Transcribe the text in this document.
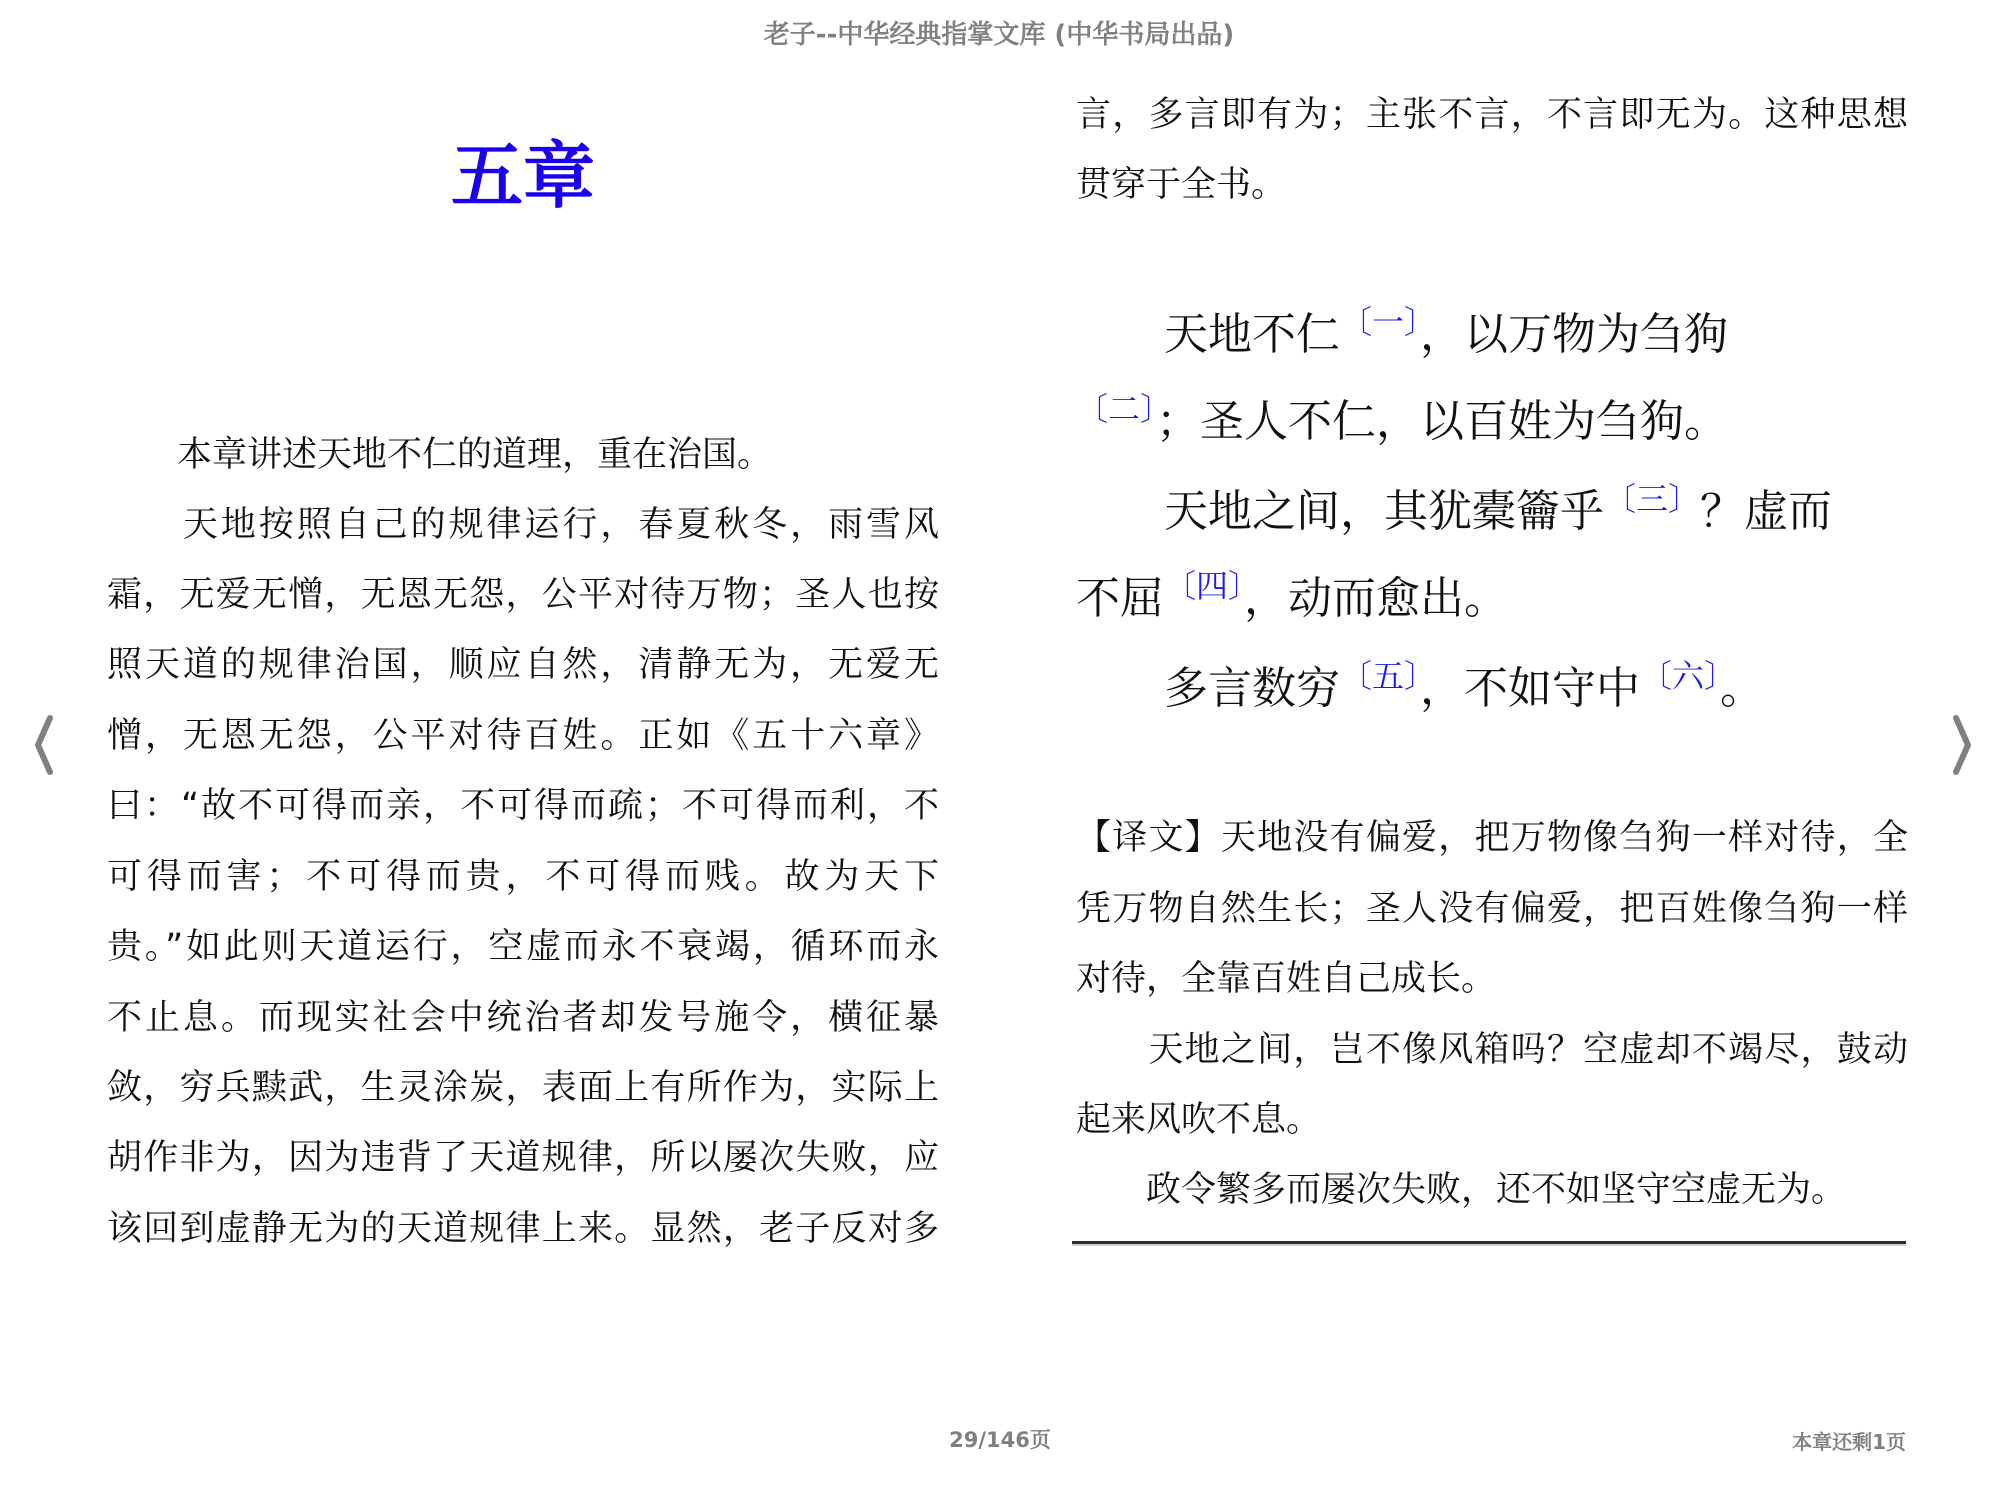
老子--中华经典指掌文库 (中华书局出品)
五章
　　本章讲述天地不仁的道理，重在治国。
　　天地按照自己的规律运行，春夏秋冬，雨雪风
霜，无爱无憎，无恩无怨，公平对待万物；圣人也按
照天道的规律治国，顺应自然，清静无为，无爱无
憎，无恩无怨，公平对待百姓。正如《五十六章》
曰：“故不可得而亲，不可得而疏；不可得而利，不
可得而害；不可得而贵，不可得而贱。故为天下
贵。”如此则天道运行，空虚而永不衰竭，循环而永
不止息。而现实社会中统治者却发号施令，横征暴
敛，穷兵黩武，生灵涂炭，表面上有所作为，实际上
胡作非为，因为违背了天道规律，所以屡次失败，应
该回到虚静无为的天道规律上来。显然，老子反对多
言，多言即有为；主张不言，不言即无为。这种思想
贯穿于全书。
　天地不仁$^{〔一〕}$，以万物为刍狗
$^{〔二〕}$；圣人不仁，以百姓为刍狗。
　天地之间，其犹橐籥乎$^{〔三〕}$？虚而
不屈$^{〔四〕}$，动而愈出。
　多言数穷$^{〔五〕}$，不如守中$^{〔六〕}$。
【译文】天地没有偏爱，把万物像刍狗一样对待，全
凭万物自然生长；圣人没有偏爱，把百姓像刍狗一样
对待，全靠百姓自己成长。
　　天地之间，岂不像风箱吗？空虚却不竭尽，鼓动
起来风吹不息。
　　政令繁多而屡次失败，还不如坚守空虚无为。
29/146页	本章还剩1页
